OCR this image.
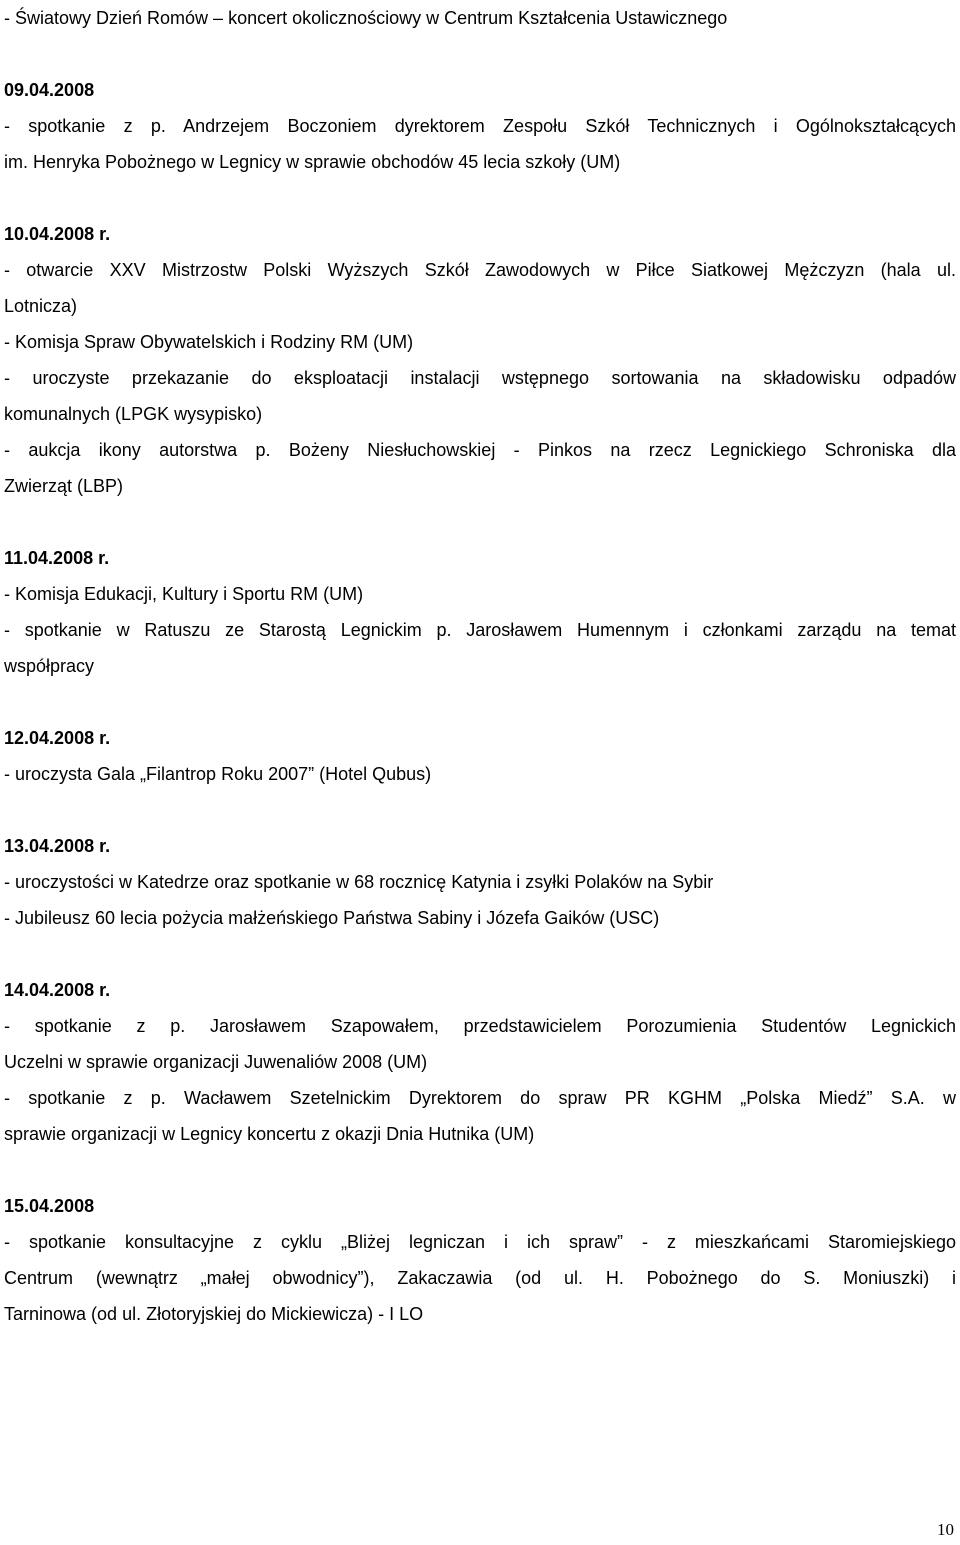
- Światowy Dzień Romów – koncert okolicznościowy w Centrum Kształcenia Ustawicznego
09.04.2008
- spotkanie z p. Andrzejem Boczoniem dyrektorem Zespołu Szkół Technicznych i Ogólnokształcących
im. Henryka Pobożnego w Legnicy w sprawie obchodów 45 lecia szkoły (UM)
10.04.2008 r.
- otwarcie XXV Mistrzostw Polski Wyższych Szkół Zawodowych w Piłce Siatkowej Mężczyzn (hala ul.
Lotnicza)
- Komisja Spraw Obywatelskich i Rodziny RM (UM)
- uroczyste przekazanie do eksploatacji instalacji wstępnego sortowania na składowisku odpadów
komunalnych (LPGK wysypisko)
- aukcja ikony autorstwa p. Bożeny Niesłuchowskiej - Pinkos na rzecz Legnickiego Schroniska dla
Zwierząt (LBP)
11.04.2008 r.
- Komisja Edukacji, Kultury i Sportu RM (UM)
- spotkanie w Ratuszu ze Starostą Legnickim p. Jarosławem Humennym i członkami zarządu na temat
współpracy
12.04.2008 r.
- uroczysta Gala „Filantrop Roku 2007” (Hotel Qubus)
13.04.2008 r.
- uroczystości w Katedrze oraz spotkanie w 68 rocznicę Katynia i zsyłki Polaków na Sybir
- Jubileusz 60 lecia pożycia małżeńskiego Państwa Sabiny i Józefa Gaików (USC)
14.04.2008 r.
- spotkanie z p. Jarosławem Szapowałem, przedstawicielem Porozumienia Studentów Legnickich
Uczelni w sprawie organizacji Juwenaliów 2008 (UM)
- spotkanie z p. Wacławem Szetelnickim Dyrektorem do spraw PR KGHM „Polska Miedź” S.A. w
sprawie organizacji w Legnicy koncertu z okazji Dnia Hutnika (UM)
15.04.2008
- spotkanie konsultacyjne z cyklu „Bliżej legniczan i ich spraw” - z mieszkańcami Staromiejskiego
Centrum (wewnątrz „małej obwodnicy”), Zakaczawia (od ul. H. Pobożnego do S. Moniuszki) i
Tarninowa (od ul. Złotoryjskiej do Mickiewicza) - I LO
10
